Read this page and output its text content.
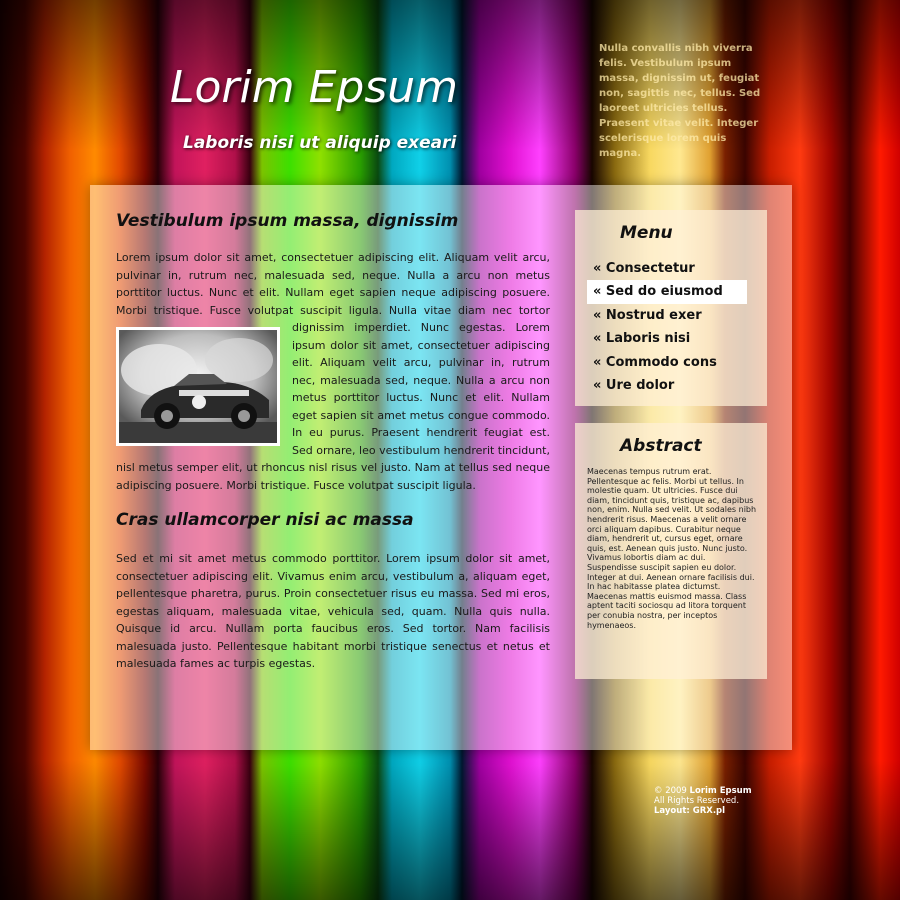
Lorim Epsum
Laboris nisi ut aliquip exeari
Nulla convallis nibh viverra felis. Vestibulum ipsum massa, dignissim ut, feugiat non, sagittis nec, tellus. Sed laoreet ultricies tellus. Praesent vitae velit. Integer scelerisque lorem quis magna.
Vestibulum ipsum massa, dignissim

Lorem ipsum dolor sit amet, consectetuer adipiscing elit. Aliquam velit arcu, pulvinar in, rutrum nec, malesuada sed, neque. Nulla a arcu non metus porttitor luctus. Nunc et elit. Nullam eget sapien neque adipiscing posuere. Morbi tristique. Fusce volutpat suscipit ligula. Nulla vitae diam nec tortor dignissim imperdiet. Nunc egestas.
Lorem ipsum dolor sit amet, consectetuer adipiscing elit. Aliquam velit arcu, pulvinar in, rutrum nec, malesuada sed, neque. Nulla a arcu non metus porttitor luctus. Nunc et elit. Nullam eget sapien sit amet metus congue commodo. In eu purus. Praesent hendrerit feugiat est. Sed ornare, leo vestibulum hendrerit tincidunt, nisl metus semper elit, ut rhoncus nisl risus vel justo. Nam at tellus sed neque adipiscing posuere. Morbi tristique. Fusce volutpat suscipit ligula.

Cras ullamcorper nisi ac massa

Sed et mi sit amet metus commodo porttitor. Lorem ipsum dolor sit amet, consectetuer adipiscing elit. Vivamus enim arcu, vestibulum a, aliquam eget, pellentesque pharetra, purus. Proin consectetuer risus eu massa. Sed mi eros, egestas aliquam, malesuada vitae, vehicula sed, quam. Nulla quis nulla. Quisque id arcu. Nullam porta faucibus eros. Sed tortor. Nam facilisis malesuada justo. Pellentesque habitant morbi tristique senectus et netus et malesuada fames ac turpis egestas.

Menu
« Consectetur
« Sed do eiusmod
« Nostrud exer
« Laboris nisi
« Commodo cons
« Ure dolor
Abstract

Maecenas tempus rutrum erat. Pellentesque ac felis. Morbi ut tellus. In molestie quam. Ut ultricies. Fusce dui diam, tincidunt quis, tristique ac, dapibus non, enim. Nulla sed velit. Ut sodales nibh hendrerit risus. Maecenas a velit ornare orci aliquam dapibus. Curabitur neque diam, hendrerit ut, cursus eget, ornare quis, est. Aenean quis justo. Nunc justo. Vivamus lobortis diam ac dui. Suspendisse suscipit sapien eu dolor. Integer at dui. Aenean ornare facilisis dui. In hac habitasse platea dictumst. Maecenas mattis euismod massa. Class aptent taciti sociosqu ad litora torquent per conubia nostra, per inceptos hymenaeos.

© 2009 Lorim Epsum
All Rights Reserved.
Layout: GRX.pl
